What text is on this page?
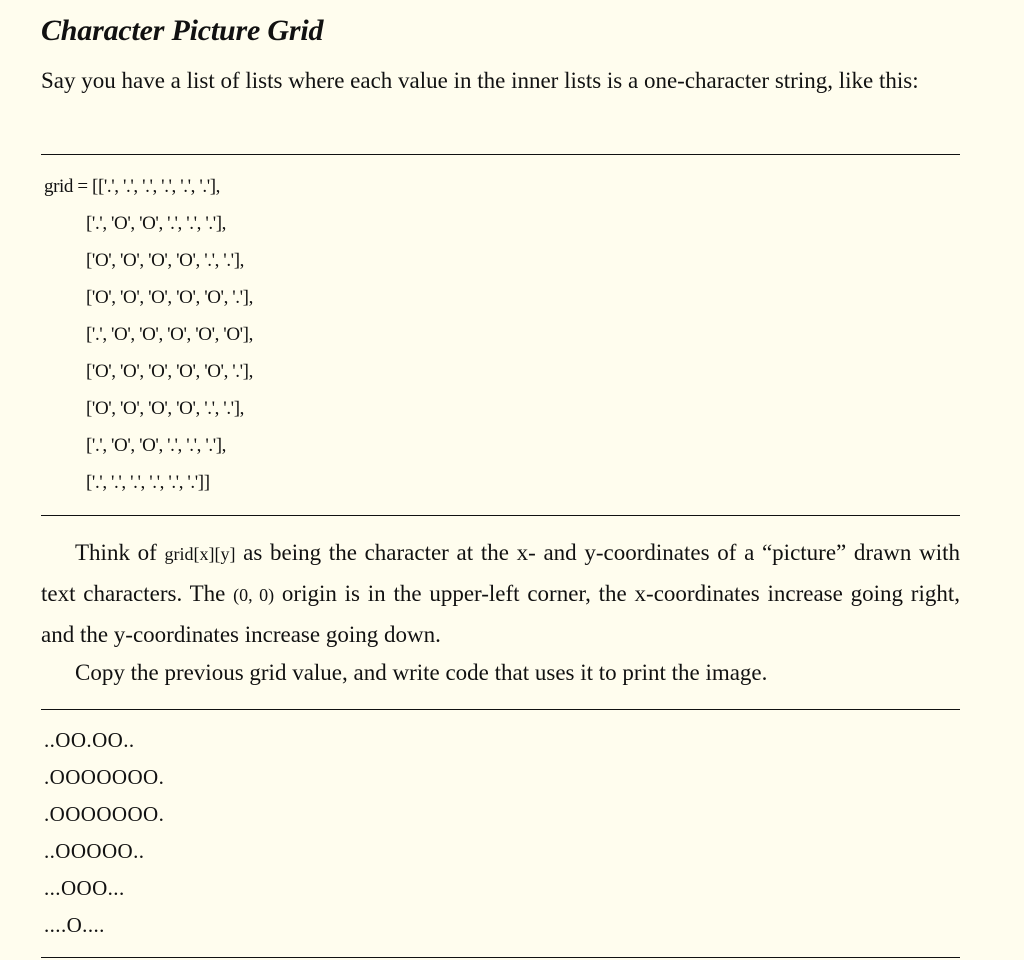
Character Picture Grid

Say you have a list of lists where each value in the inner lists is a one-character string, like this:

grid = [['.', '.', '.', '.', '.', '.'],
['.', 'O', 'O', '.', '.', '.'],
['O', 'O', 'O', 'O', '.', '.'],
['O', 'O', 'O', 'O', 'O', '.'],
['.', 'O', 'O', 'O', 'O', 'O'],
['O', 'O', 'O', 'O', 'O', '.'],
['O', 'O', 'O', 'O', '.', '.'],
['.', 'O', 'O', '.', '.', '.'],
['.', '.', '.', '.', '.', '.']]

Think of grid[x][y] as being the character at the x- and y-coordinates of a “picture” drawn with text characters. The (0, 0) origin is in the upper-left corner, the x-coordinates increase going right, and the y-coordinates increase going down.

Copy the previous grid value, and write code that uses it to print the image.

..OO.OO..
.OOOOOOO.
.OOOOOOO.
..OOOOO..
...OOO...
....O....
